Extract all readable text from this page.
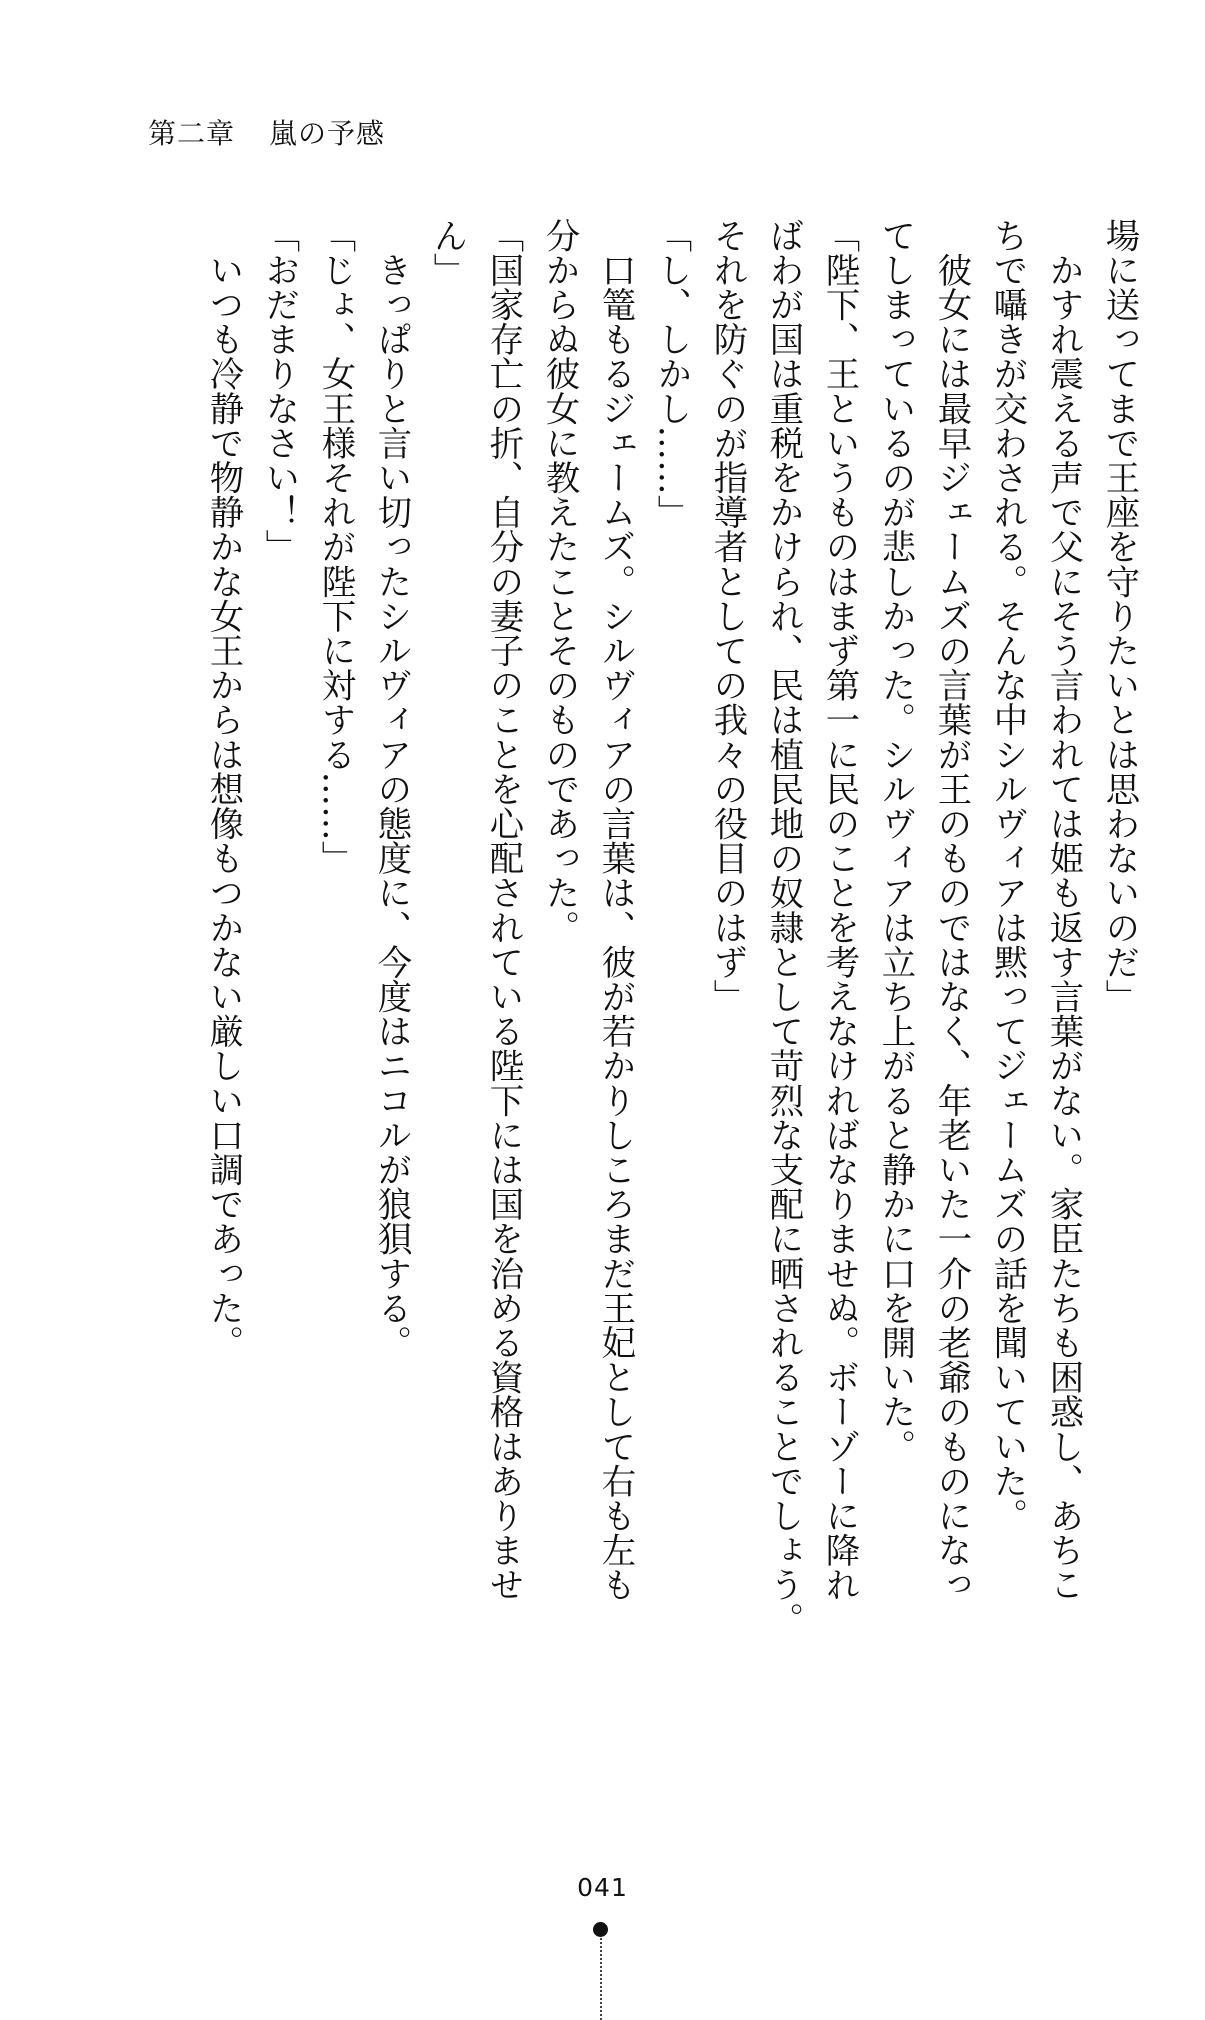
第二章 嵐の予感
場に送ってまで王座を守りたいとは思わないのだ」
　かすれ震える声で父にそう言われては姫も返す言葉がない。家臣たちも困惑し、あちこ
ちで囁きが交わされる。そんな中シルヴィアは黙ってジェームズの話を聞いていた。
　彼女には最早ジェームズの言葉が王のものではなく、年老いた一介の老爺のものになっ
てしまっているのが悲しかった。シルヴィアは立ち上がると静かに口を開いた。
「陛下、王というものはまず第一に民のことを考えなければなりませぬ。ボーゾーに降れ
ばわが国は重税をかけられ、民は植民地の奴隷として苛烈な支配に晒されることでしょう。
それを防ぐのが指導者としての我々の役目のはず」
「し、しかし……」
　口篭もるジェームズ。シルヴィアの言葉は、彼が若かりしころまだ王妃として右も左も
分からぬ彼女に教えたことそのものであった。
「国家存亡の折、自分の妻子のことを心配されている陛下には国を治める資格はありませ
ん」
　きっぱりと言い切ったシルヴィアの態度に、今度はニコルが狼狽する。
「じょ、女王様それが陛下に対する……」
「おだまりなさい！」
　いつも冷静で物静かな女王からは想像もつかない厳しい口調であった。
041
